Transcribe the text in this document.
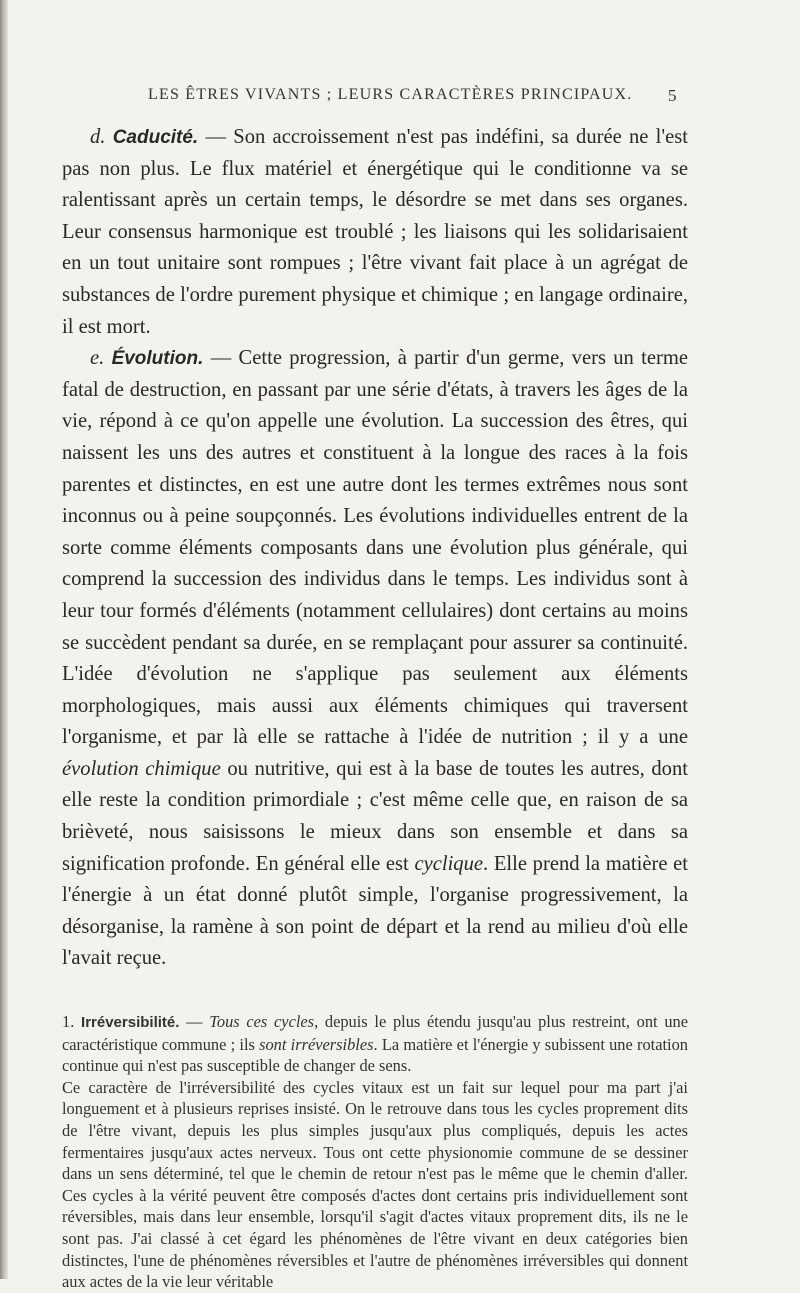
LES ÊTRES VIVANTS ; LEURS CARACTÈRES PRINCIPAUX. 5

d. Caducité. — Son accroissement n'est pas indéfini, sa durée ne l'est pas non plus. Le flux matériel et énergétique qui le conditionne va se ralentissant après un certain temps, le désordre se met dans ses organes. Leur consensus harmonique est troublé ; les liaisons qui les solidarisaient en un tout unitaire sont rompues ; l'être vivant fait place à un agrégat de substances de l'ordre purement physique et chimique ; en langage ordinaire, il est mort.

e. Évolution. — Cette progression, à partir d'un germe, vers un terme fatal de destruction, en passant par une série d'états, à travers les âges de la vie, répond à ce qu'on appelle une évolution. La succession des êtres, qui naissent les uns des autres et constituent à la longue des races à la fois parentes et distinctes, en est une autre dont les termes extrêmes nous sont inconnus ou à peine soupçonnés. Les évolutions individuelles entrent de la sorte comme éléments composants dans une évolution plus générale, qui comprend la succession des individus dans le temps. Les individus sont à leur tour formés d'éléments (notamment cellulaires) dont certains au moins se succèdent pendant sa durée, en se remplaçant pour assurer sa continuité. L'idée d'évolution ne s'applique pas seulement aux éléments morphologiques, mais aussi aux éléments chimiques qui traversent l'organisme, et par là elle se rattache à l'idée de nutrition ; il y a une évolution chimique ou nutritive, qui est à la base de toutes les autres, dont elle reste la condition primordiale ; c'est même celle que, en raison de sa brièveté, nous saisissons le mieux dans son ensemble et dans sa signification profonde. En général elle est cyclique. Elle prend la matière et l'énergie à un état donné plutôt simple, l'organise progressivement, la désorganise, la ramène à son point de départ et la rend au milieu d'où elle l'avait reçue.

1. Irréversibilité. — Tous ces cycles, depuis le plus étendu jusqu'au plus restreint, ont une caractéristique commune ; ils sont irréversibles. La matière et l'énergie y subissent une rotation continue qui n'est pas susceptible de changer de sens.

Ce caractère de l'irréversibilité des cycles vitaux est un fait sur lequel pour ma part j'ai longuement et à plusieurs reprises insisté. On le retrouve dans tous les cycles proprement dits de l'être vivant, depuis les plus simples jusqu'aux plus compliqués, depuis les actes fermentaires jusqu'aux actes nerveux. Tous ont cette physionomie commune de se dessiner dans un sens déterminé, tel que le chemin de retour n'est pas le même que le chemin d'aller. Ces cycles à la vérité peuvent être composés d'actes dont certains pris individuellement sont réversibles, mais dans leur ensemble, lorsqu'il s'agit d'actes vitaux proprement dits, ils ne le sont pas. J'ai classé à cet égard les phénomènes de l'être vivant en deux catégories bien distinctes, l'une de phénomènes réversibles et l'autre de phénomènes irréversibles qui donnent aux actes de la vie leur véritable
